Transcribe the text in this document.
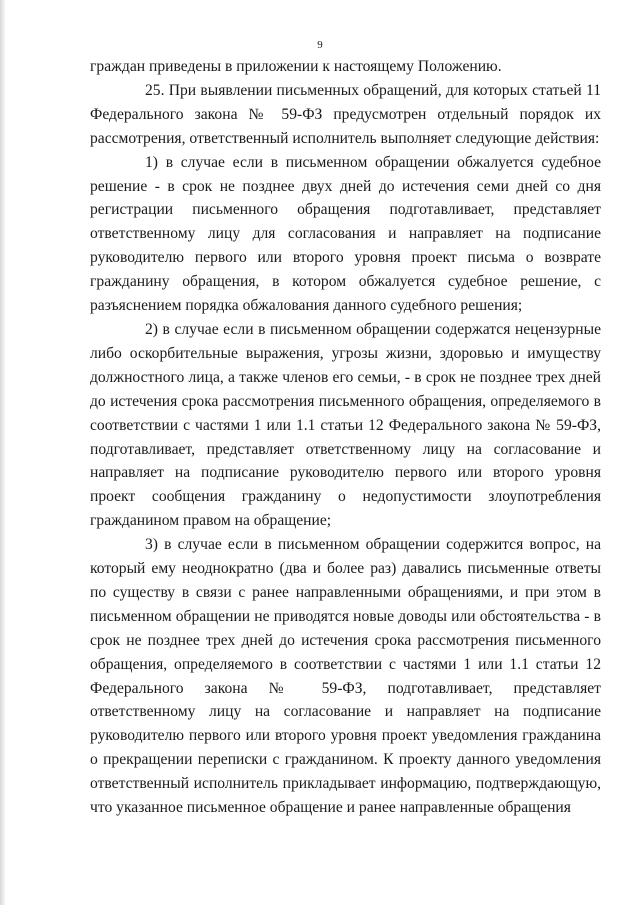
9

граждан приведены в приложении к настоящему Положению.

25. При выявлении письменных обращений, для которых статьей 11 Федерального закона № 59-ФЗ предусмотрен отдельный порядок их рассмотрения, ответственный исполнитель выполняет следующие действия:

1) в случае если в письменном обращении обжалуется судебное решение - в срок не позднее двух дней до истечения семи дней со дня регистрации письменного обращения подготавливает, представляет ответственному лицу для согласования и направляет на подписание руководителю первого или второго уровня проект письма о возврате гражданину обращения, в котором обжалуется судебное решение, с разъяснением порядка обжалования данного судебного решения;

2) в случае если в письменном обращении содержатся нецензурные либо оскорбительные выражения, угрозы жизни, здоровью и имуществу должностного лица, а также членов его семьи, - в срок не позднее трех дней до истечения срока рассмотрения письменного обращения, определяемого в соответствии с частями 1 или 1.1 статьи 12 Федерального закона № 59-ФЗ, подготавливает, представляет ответственному лицу на согласование и направляет на подписание руководителю первого или второго уровня проект сообщения гражданину о недопустимости злоупотребления гражданином правом на обращение;

3) в случае если в письменном обращении содержится вопрос, на который ему неоднократно (два и более раз) давались письменные ответы по существу в связи с ранее направленными обращениями, и при этом в письменном обращении не приводятся новые доводы или обстоятельства - в срок не позднее трех дней до истечения срока рассмотрения письменного обращения, определяемого в соответствии с частями 1 или 1.1 статьи 12 Федерального закона № 59-ФЗ, подготавливает, представляет ответственному лицу на согласование и направляет на подписание руководителю первого или второго уровня проект уведомления гражданина о прекращении переписки с гражданином. К проекту данного уведомления ответственный исполнитель прикладывает информацию, подтверждающую, что указанное письменное обращение и ранее направленные обращения
